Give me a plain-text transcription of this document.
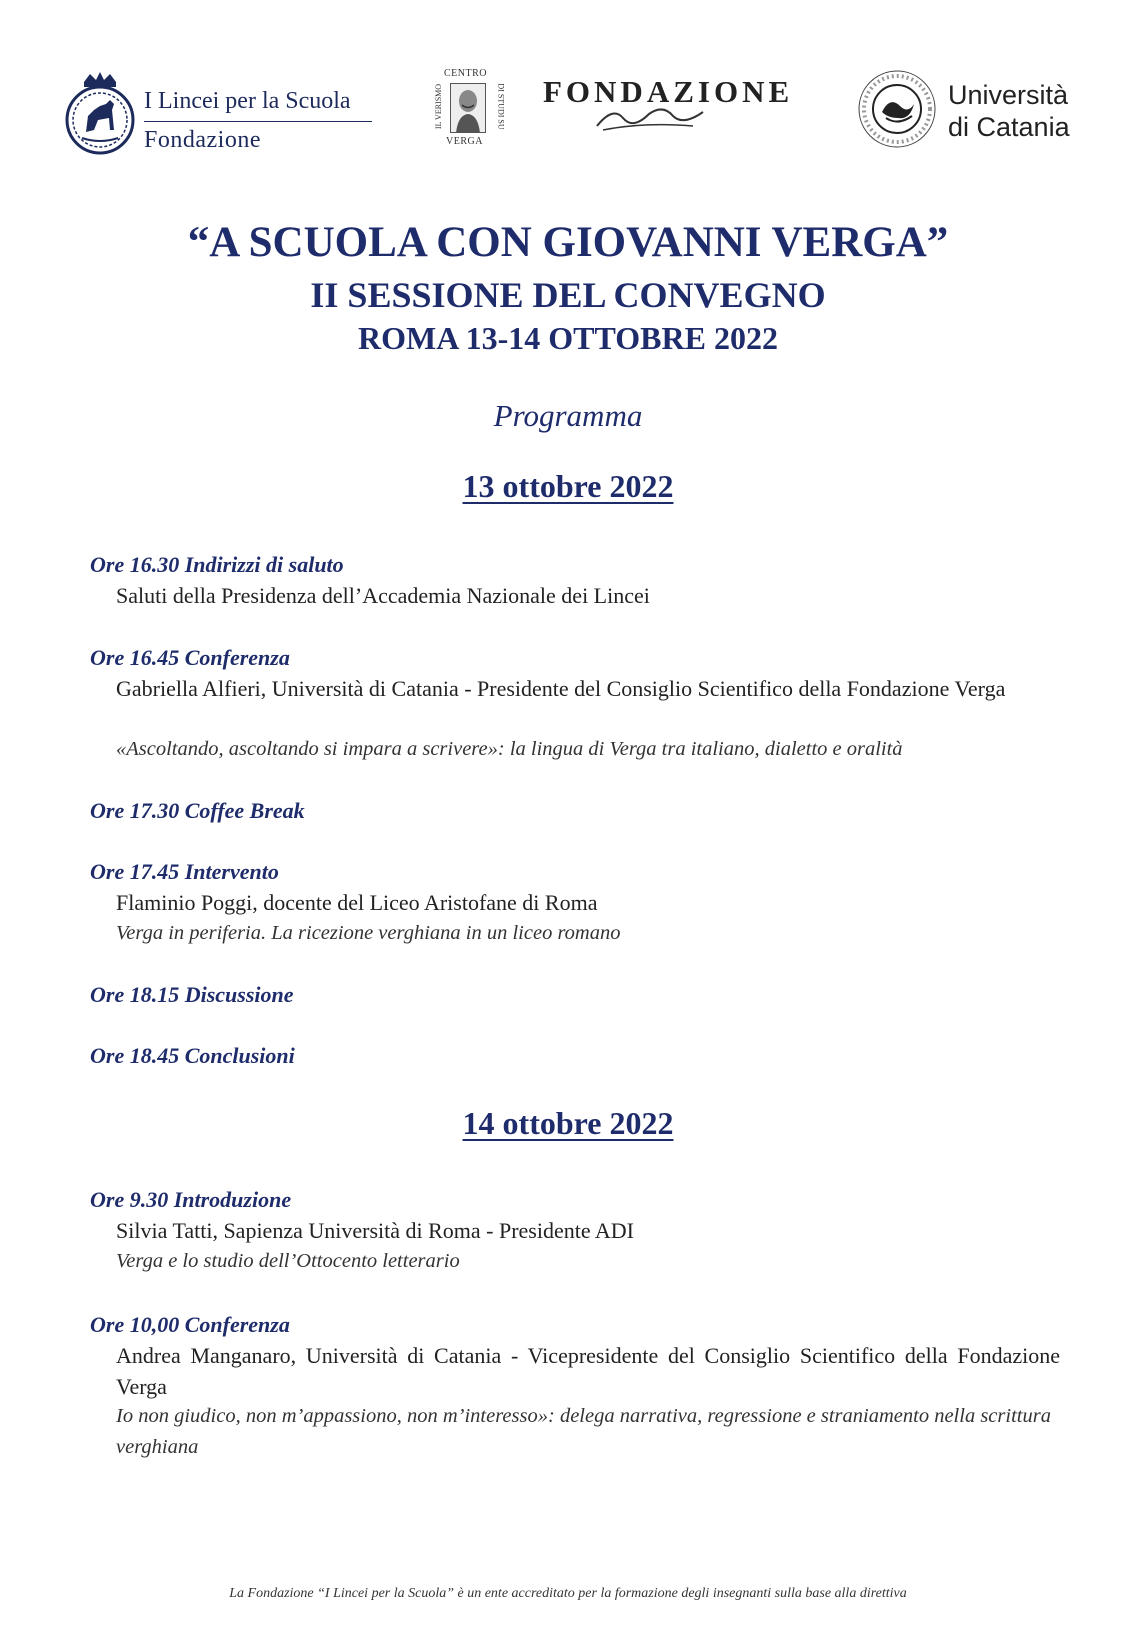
I Lincei per la Scuola
Fondazione
CENTRO
IL VERISMO	DI STUDI SU
VERGA
FONDAZIONE	Università
di Catania
“A SCUOLA CON GIOVANNI VERGA”
II SESSIONE DEL CONVEGNO
ROMA 13-14 OTTOBRE 2022
Programma
13 ottobre 2022
Ore 16.30 Indirizzi di saluto
Saluti della Presidenza dell’Accademia Nazionale dei Lincei
Ore 16.45 Conferenza
Gabriella Alfieri, Università di Catania - Presidente del Consiglio Scientifico della Fondazione Verga
«Ascoltando, ascoltando si impara a scrivere»: la lingua di Verga tra italiano, dialetto e oralità
Ore 17.30 Coffee Break
Ore 17.45 Intervento
Flaminio Poggi, docente del Liceo Aristofane di Roma
Verga in periferia. La ricezione verghiana in un liceo romano
Ore 18.15 Discussione
Ore 18.45 Conclusioni
14 ottobre 2022
Ore 9.30 Introduzione
Silvia Tatti, Sapienza Università di Roma - Presidente ADI
Verga e lo studio dell’Ottocento letterario
Ore 10,00 Conferenza
Andrea Manganaro, Università di Catania - Vicepresidente del Consiglio Scientifico della Fondazione Verga
Io non giudico, non m’appassiono, non m’interesso»: delega narrativa, regressione e straniamento nella scrittura verghiana
La Fondazione “I Lincei per la Scuola” è un ente accreditato per la formazione degli insegnanti sulla base alla direttiva
